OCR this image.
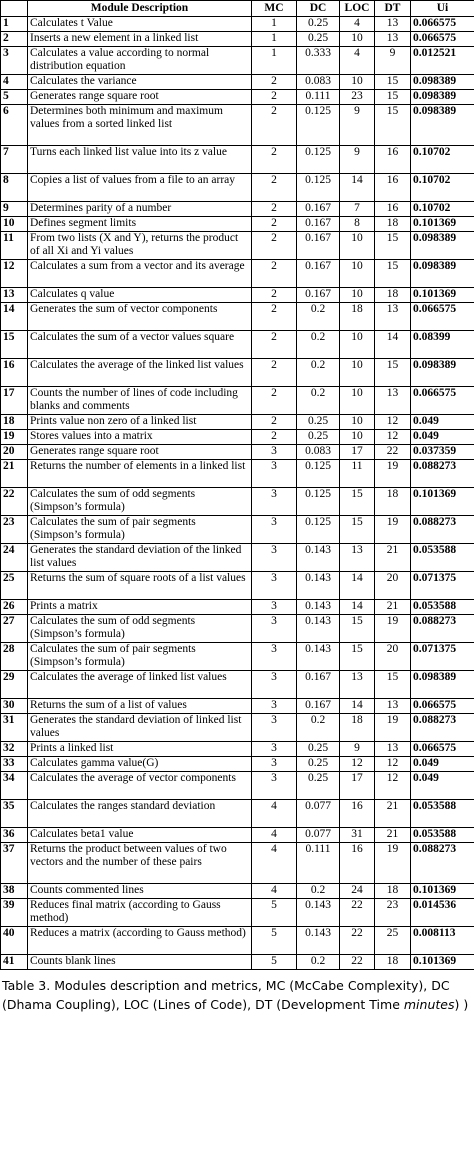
	Module Description	MC	DC	LOC	DT	Ui
1	Calculates t Value	1	0.25	4	13	0.066575
2	Inserts a new element in a linked list	1	0.25	10	13	0.066575
3	Calculates a value according to normal distribution equation	1	0.333	4	9	0.012521
4	Calculates the variance	2	0.083	10	15	0.098389
5	Generates range square root	2	0.111	23	15	0.098389
6	Determines both minimum and maximum values from a sorted linked list	2	0.125	9	15	0.098389
7	Turns each linked list value into its z value	2	0.125	9	16	0.10702
8	Copies a list of values from a file to an array	2	0.125	14	16	0.10702
9	Determines parity of a number	2	0.167	7	16	0.10702
10	Defines segment limits	2	0.167	8	18	0.101369
11	From two lists (X and Y), returns the product of all Xi and Yi values	2	0.167	10	15	0.098389
12	Calculates a sum from a vector and its average	2	0.167	10	15	0.098389
13	Calculates q value	2	0.167	10	18	0.101369
14	Generates the sum of vector components	2	0.2	18	13	0.066575
15	Calculates the sum of a vector values square	2	0.2	10	14	0.08399
16	Calculates the average of the linked list values	2	0.2	10	15	0.098389
17	Counts the number of lines of code including blanks and comments	2	0.2	10	13	0.066575
18	Prints value non zero of a linked list	2	0.25	10	12	0.049
19	Stores values into a matrix	2	0.25	10	12	0.049
20	Generates range square root	3	0.083	17	22	0.037359
21	Returns the number of elements in a linked list	3	0.125	11	19	0.088273
22	Calculates the sum of odd segments (Simpson’s formula)	3	0.125	15	18	0.101369
23	Calculates the sum of pair segments (Simpson’s formula)	3	0.125	15	19	0.088273
24	Generates the standard deviation of the linked list values	3	0.143	13	21	0.053588
25	Returns the sum of square roots of a list values	3	0.143	14	20	0.071375
26	Prints a matrix	3	0.143	14	21	0.053588
27	Calculates the sum of odd segments (Simpson’s formula)	3	0.143	15	19	0.088273
28	Calculates the sum of pair segments (Simpson’s formula)	3	0.143	15	20	0.071375
29	Calculates the average of linked list values	3	0.167	13	15	0.098389
30	Returns the sum of a list of values	3	0.167	14	13	0.066575
31	Generates the standard deviation of linked list values	3	0.2	18	19	0.088273
32	Prints a linked list	3	0.25	9	13	0.066575
33	Calculates gamma value(G)	3	0.25	12	12	0.049
34	Calculates the average of vector components	3	0.25	17	12	0.049
35	Calculates the ranges standard deviation	4	0.077	16	21	0.053588
36	Calculates beta1 value	4	0.077	31	21	0.053588
37	Returns the product between values of two vectors and the number of these pairs	4	0.111	16	19	0.088273
38	Counts commented lines	4	0.2	24	18	0.101369
39	Reduces final matrix (according to Gauss method)	5	0.143	22	23	0.014536
40	Reduces a matrix (according to Gauss method)	5	0.143	22	25	0.008113
41	Counts blank lines	5	0.2	22	18	0.101369
Table 3. Modules description and metrics, MC (McCabe Complexity), DC (Dhama Coupling), LOC (Lines of Code), DT (Development Time minutes) )
